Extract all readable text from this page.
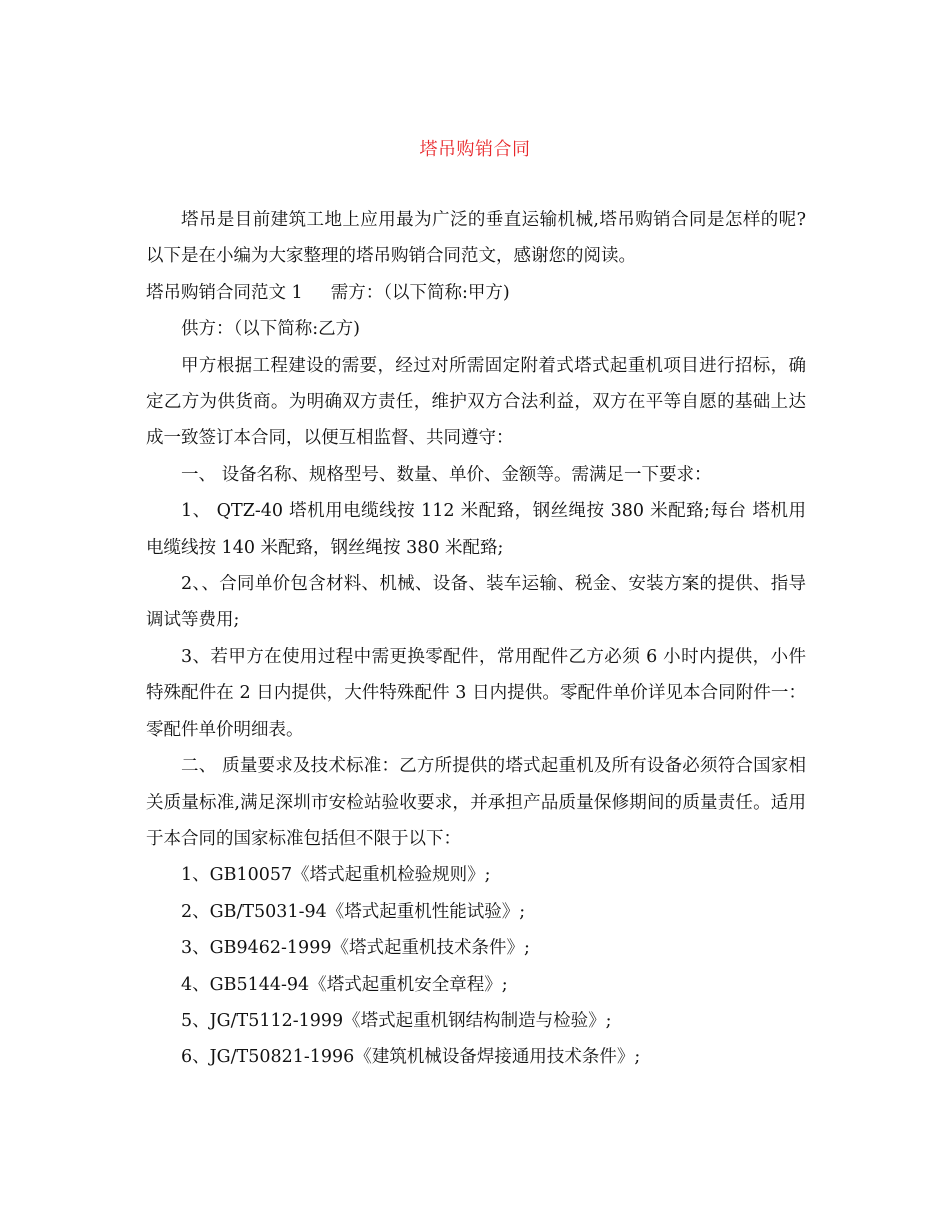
塔吊购销合同

塔吊是目前建筑工地上应用最为广泛的垂直运输机械,塔吊购销合同是怎样的呢?以下是在小编为大家整理的塔吊购销合同范文，感谢您的阅读。

塔吊购销合同范文 1 需方：（以下简称:甲方)

供方：（以下简称:乙方)

甲方根据工程建设的需要，经过对所需固定附着式塔式起重机项目进行招标，确定乙方为供货商。为明确双方责任，维护双方合法利益，双方在平等自愿的基础上达成一致签订本合同，以便互相监督、共同遵守：

一、 设备名称、规格型号、数量、单价、金额等。需满足一下要求：

1、 QTZ-40 塔机用电缆线按 112 米配臵，钢丝绳按 380 米配臵;每台 塔机用电缆线按 140 米配臵，钢丝绳按 380 米配臵;

2、、合同单价包含材料、机械、设备、装车运输、税金、安装方案的提供、指导调试等费用;

3、若甲方在使用过程中需更换零配件，常用配件乙方必须 6 小时内提供，小件特殊配件在 2 日内提供，大件特殊配件 3 日内提供。零配件单价详见本合同附件一：零配件单价明细表。

二、 质量要求及技术标准：乙方所提供的塔式起重机及所有设备必须符合国家相关质量标准,满足深圳市安检站验收要求，并承担产品质量保修期间的质量责任。适用于本合同的国家标准包括但不限于以下：

1、GB10057《塔式起重机检验规则》;

2、GB/T5031-94《塔式起重机性能试验》;

3、GB9462-1999《塔式起重机技术条件》;

4、GB5144-94《塔式起重机安全章程》;

5、JG/T5112-1999《塔式起重机钢结构制造与检验》;

6、JG/T50821-1996《建筑机械设备焊接通用技术条件》;
